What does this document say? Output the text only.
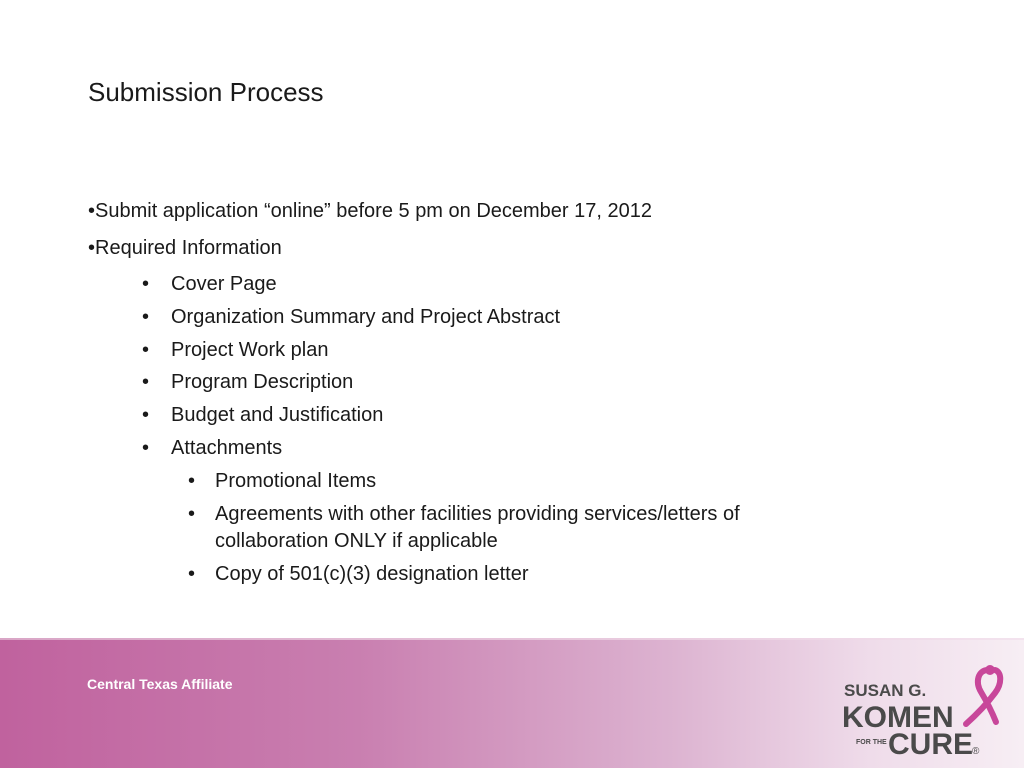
Submission Process
•Submit application “online” before 5 pm on December 17, 2012
•Required Information
• Cover Page
• Organization Summary and Project Abstract
• Project Work plan
• Program Description
• Budget and Justification
• Attachments
• Promotional Items
• Agreements with other facilities providing services/letters of collaboration ONLY if applicable
• Copy of 501(c)(3) designation letter
Central Texas Affiliate	SUSAN G.
KOMEN
FOR THE CURE
®
